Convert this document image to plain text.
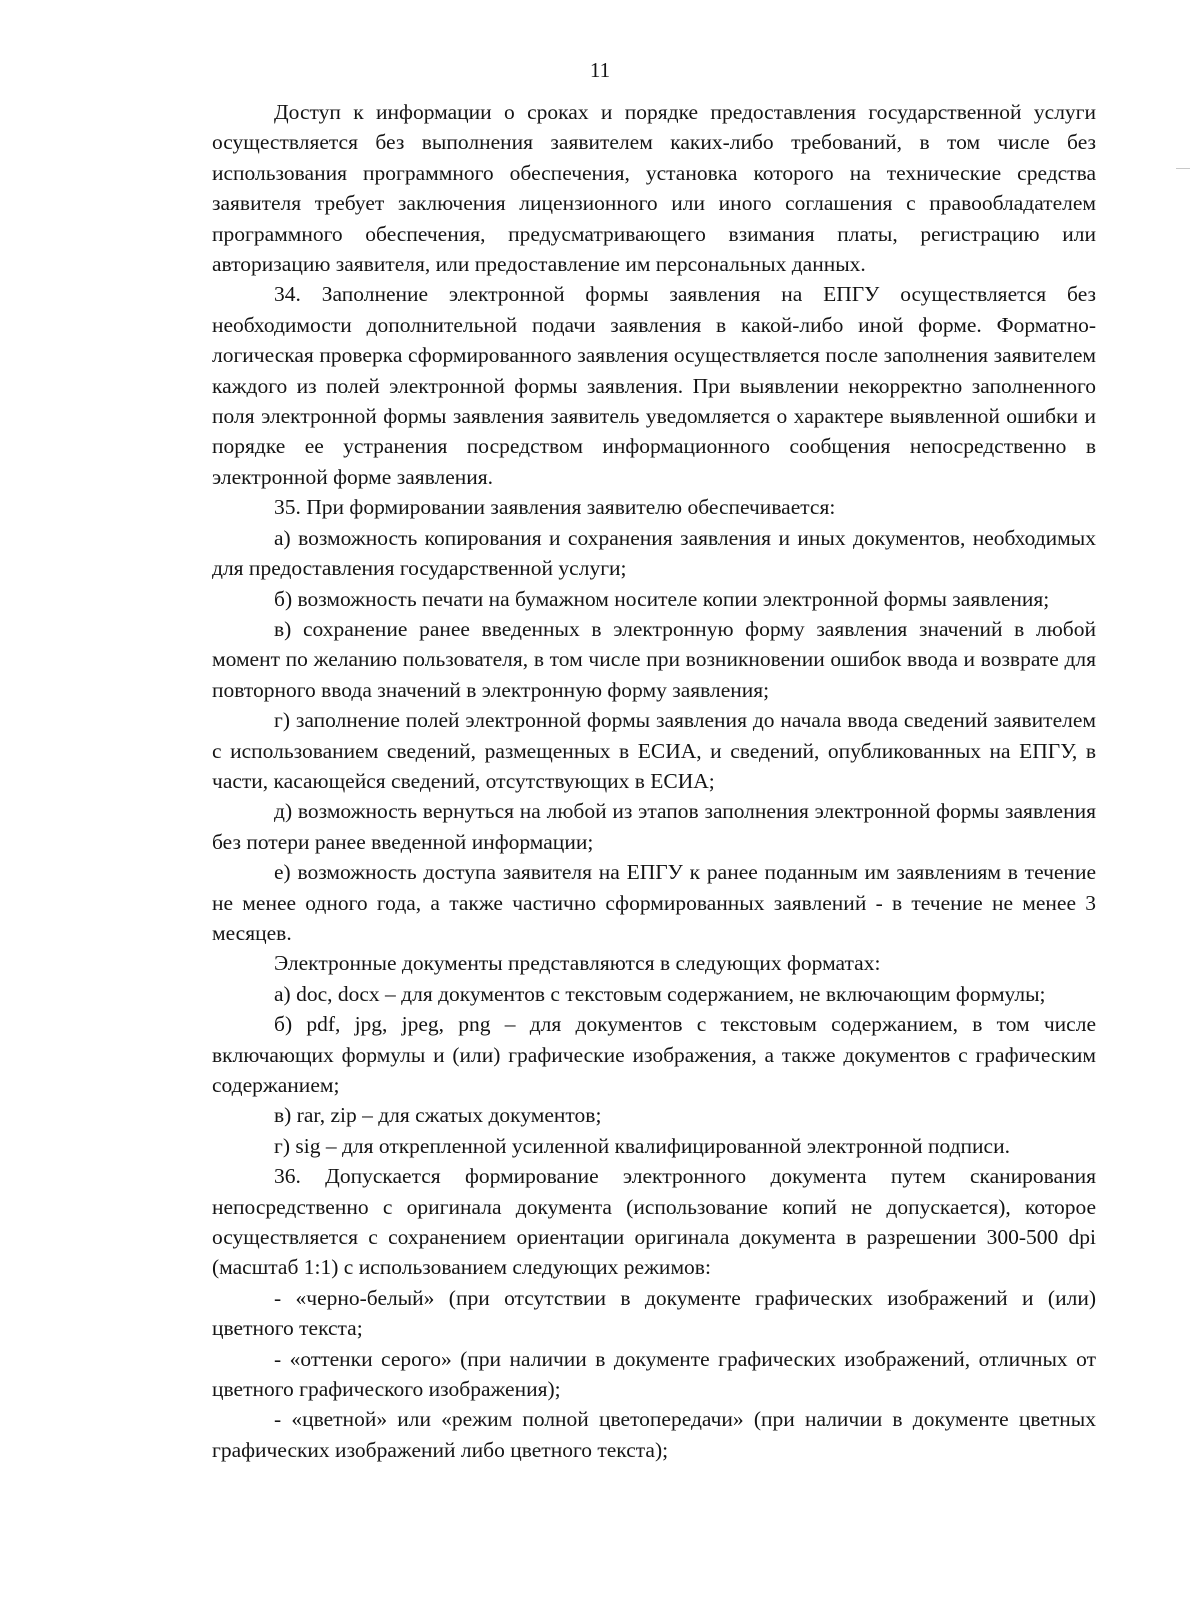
11

Доступ к информации о сроках и порядке предоставления государственной услуги осуществляется без выполнения заявителем каких-либо требований, в том числе без использования программного обеспечения, установка которого на технические средства заявителя требует заключения лицензионного или иного соглашения с правообладателем программного обеспечения, предусматривающего взимания платы, регистрацию или авторизацию заявителя, или предоставление им персональных данных.

34. Заполнение электронной формы заявления на ЕПГУ осуществляется без необходимости дополнительной подачи заявления в какой-либо иной форме. Форматно-логическая проверка сформированного заявления осуществляется после заполнения заявителем каждого из полей электронной формы заявления. При выявлении некорректно заполненного поля электронной формы заявления заявитель уведомляется о характере выявленной ошибки и порядке ее устранения посредством информационного сообщения непосредственно в электронной форме заявления.

35. При формировании заявления заявителю обеспечивается:

а) возможность копирования и сохранения заявления и иных документов, необходимых для предоставления государственной услуги;

б) возможность печати на бумажном носителе копии электронной формы заявления;

в) сохранение ранее введенных в электронную форму заявления значений в любой момент по желанию пользователя, в том числе при возникновении ошибок ввода и возврате для повторного ввода значений в электронную форму заявления;

г) заполнение полей электронной формы заявления до начала ввода сведений заявителем с использованием сведений, размещенных в ЕСИА, и сведений, опубликованных на ЕПГУ, в части, касающейся сведений, отсутствующих в ЕСИА;

д) возможность вернуться на любой из этапов заполнения электронной формы заявления без потери ранее введенной информации;

е) возможность доступа заявителя на ЕПГУ к ранее поданным им заявлениям в течение не менее одного года, а также частично сформированных заявлений - в течение не менее 3 месяцев.

Электронные документы представляются в следующих форматах:

а) doc, docx – для документов с текстовым содержанием, не включающим формулы;

б) pdf, jpg, jpeg, png – для документов с текстовым содержанием, в том числе включающих формулы и (или) графические изображения, а также документов с графическим содержанием;

в) rar, zip – для сжатых документов;

г) sig – для открепленной усиленной квалифицированной электронной подписи.

36. Допускается формирование электронного документа путем сканирования непосредственно с оригинала документа (использование копий не допускается), которое осуществляется с сохранением ориентации оригинала документа в разрешении 300-500 dpi (масштаб 1:1) с использованием следующих режимов:

- «черно-белый» (при отсутствии в документе графических изображений и (или) цветного текста;

- «оттенки серого» (при наличии в документе графических изображений, отличных от цветного графического изображения);

- «цветной» или «режим полной цветопередачи» (при наличии в документе цветных графических изображений либо цветного текста);
